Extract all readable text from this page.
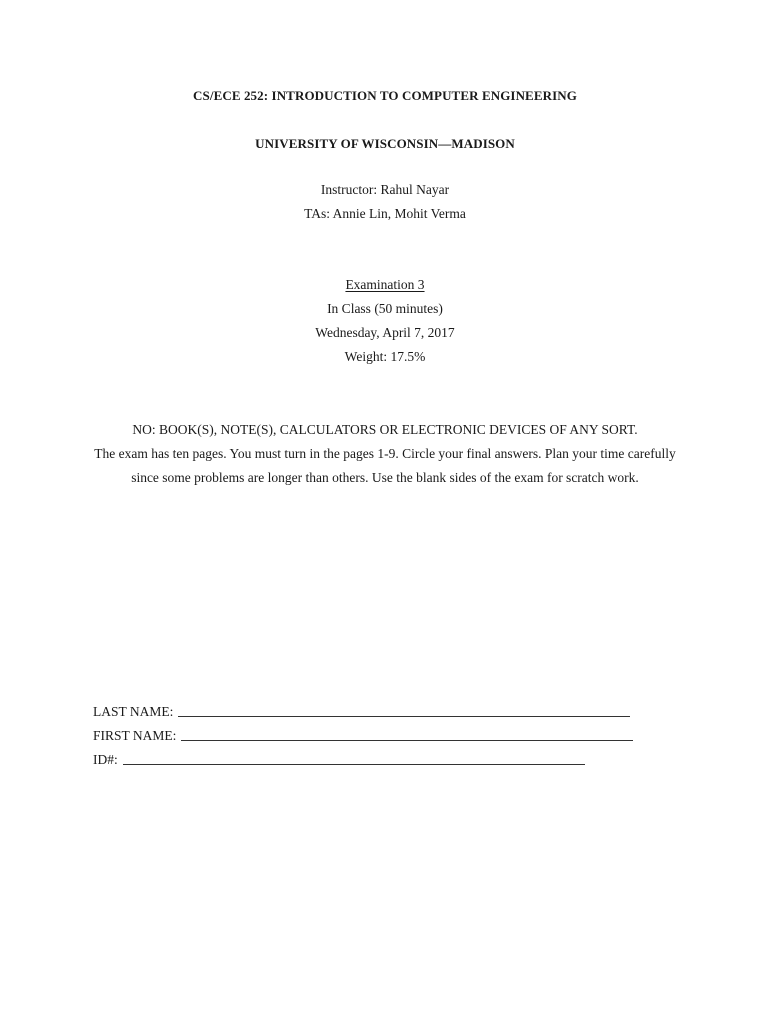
CS/ECE 252: INTRODUCTION TO COMPUTER ENGINEERING
UNIVERSITY OF WISCONSIN—MADISON
Instructor: Rahul Nayar
TAs: Annie Lin, Mohit Verma
Examination 3
In Class (50 minutes)
Wednesday, April 7, 2017
Weight: 17.5%

NO: BOOK(S), NOTE(S), CALCULATORS OR ELECTRONIC DEVICES OF ANY SORT.

The exam has ten pages. You must turn in the pages 1-9. Circle your final answers. Plan your time carefully since some problems are longer than others. Use the blank sides of the exam for scratch work.

LAST NAME:
FIRST NAME:
ID#:
